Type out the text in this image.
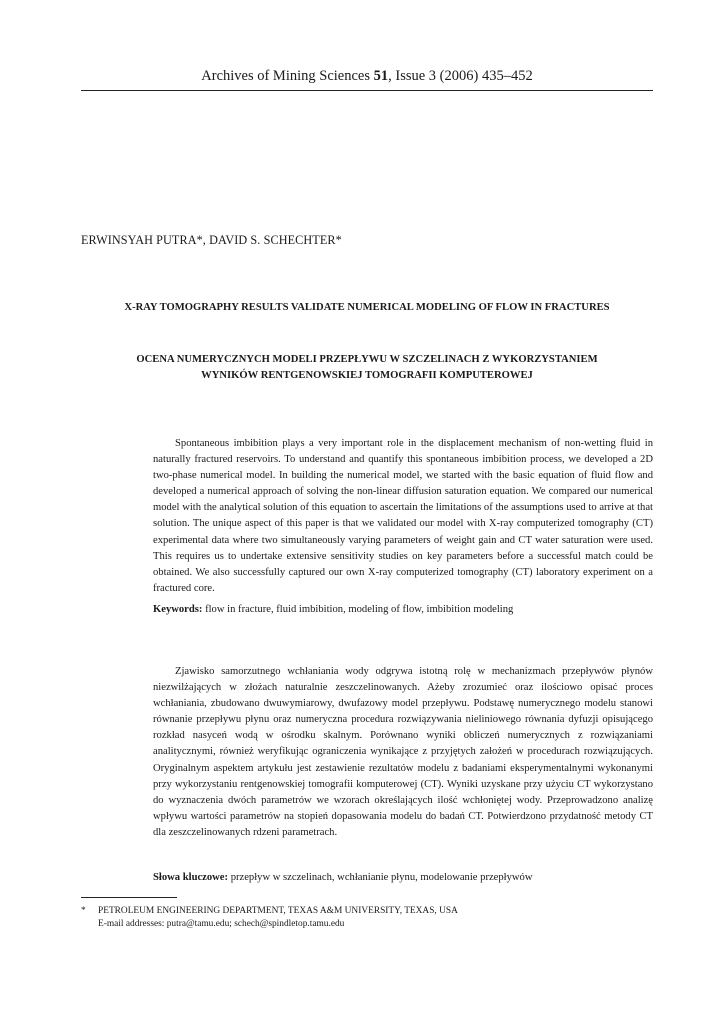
Archives of Mining Sciences 51, Issue 3 (2006) 435–452
ERWINSYAH PUTRA*, DAVID S. SCHECHTER*
X-RAY TOMOGRAPHY RESULTS VALIDATE NUMERICAL MODELING OF FLOW IN FRACTURES
OCENA NUMERYCZNYCH MODELI PRZEPŁYWU W SZCZELINACH Z WYKORZYSTANIEM
WYNIKÓW RENTGENOWSKIEJ TOMOGRAFII KOMPUTEROWEJ

Spontaneous imbibition plays a very important role in the displacement mechanism of non-wetting fluid in naturally fractured reservoirs. To understand and quantify this spontaneous imbibition process, we developed a 2D two-phase numerical model. In building the numerical model, we started with the basic equation of fluid flow and developed a numerical approach of solving the non-linear diffusion saturation equation. We compared our numerical model with the analytical solution of this equation to ascertain the limitations of the assumptions used to arrive at that solution. The unique aspect of this paper is that we validated our model with X-ray computerized tomography (CT) experimental data where two simultaneously varying parameters of weight gain and CT water saturation were used. This requires us to undertake extensive sensitivity studies on key parameters before a successful match could be obtained. We also successfully captured our own X-ray computerized tomography (CT) laboratory experiment on a fractured core.

Keywords: flow in fracture, fluid imbibition, modeling of flow, imbibition modeling

Zjawisko samorzutnego wchłaniania wody odgrywa istotną rolę w mechanizmach przepływów płynów niezwilżających w złożach naturalnie zeszczelinowanych. Ażeby zrozumieć oraz ilościowo opisać proces wchłaniania, zbudowano dwuwymiarowy, dwufazowy model przepływu. Podstawę numerycznego modelu stanowi równanie przepływu płynu oraz numeryczna procedura rozwiązywania nieliniowego równania dyfuzji opisującego rozkład nasyceń wodą w ośrodku skalnym. Porównano wyniki obliczeń numerycznych z rozwiązaniami analitycznymi, również weryfikując ograniczenia wynikające z przyjętych założeń w procedurach rozwiązujących. Oryginalnym aspektem artykułu jest zestawienie rezultatów modelu z badaniami eksperymentalnymi wykonanymi przy wykorzystaniu rentgenowskiej tomografii komputerowej (CT). Wyniki uzyskane przy użyciu CT wykorzystano do wyznaczenia dwóch parametrów we wzorach określających ilość wchłoniętej wody. Przeprowadzono analizę wpływu wartości parametrów na stopień dopasowania modelu do badań CT. Potwierdzono przydatność metody CT dla zeszczelinowanych rdzeni parametrach.

Słowa kluczowe: przepływ w szczelinach, wchłanianie płynu, modelowanie przepływów
* PETROLEUM ENGINEERING DEPARTMENT, TEXAS A&M UNIVERSITY, TEXAS, USA
E-mail addresses: putra@tamu.edu; schech@spindletop.tamu.edu
